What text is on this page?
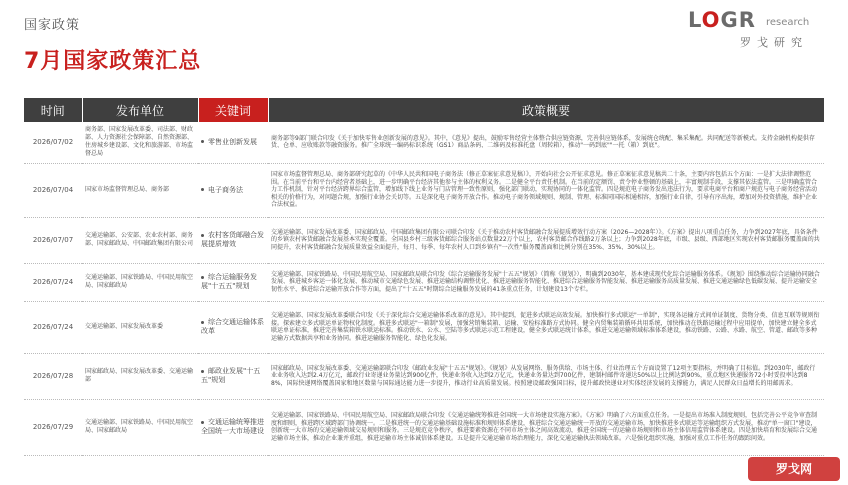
国家政策
7月国家政策汇总
LOGR research
罗戈研究
时间	发布单位	关键词	政策概要
2026/07/02	商务部、国家发展改革委、司法部、财政部、人力资源社会保障部、自然资源部、住房城乡建设部、文化和旅游部、市场监督总局	零售业创新发展	商务部等9部门联合印发《关于加快零售业创新发展的意见》。其中，《意见》提出，鼓励零售经营主体整合供应链资源，完善供应链体系，发展统仓统配、集采集配。共同配送等新模式。支持金融机构提供存货、仓单、应收账款等融资服务。推广全球统一编码标识系统（GS1）商品条码、二维码及标准托盘（周转箱），推动"一码到底""一托（箱）到底"。
2026/07/04	国家市场监督管理总局、商务部	电子商务法	国家市场监督管理总局、商务部研究起草的《中华人民共和国电子商务法（修正草案征求意见稿）》，开始向社会公开征求意见。修正草案征求意见稿共二十条，主要内容包括五个方面：一是扩大法律调整范围。在当前平台和平台内经营者基础上，进一步明确平台经济其他参与主体的权利义务。二是健全平台责任机制。在当前的定额罚、责令停业整顿的基础上，丰富规制手段，支撑其依法监管。三是明确监管合力工作机制，针对平台经济跨界综合监管，增加线下线上业务与门店管理一致性原则，强化部门联动，实现协同的一体化监管。四是规范电子商务发出违法行为，要求电商平台和商户规范与电子商务经营活动相关的价格行为，对问题合规，加强行业协会关切等。五是深化电子商务开放合作。推动电子商务领域规则、规制、管理、标准同国际相通相容，加强行业自律，引导有序出海，增加对外投资措施，维护企业合法权益。
2026/07/07	交通运输部、公安部、农业农村部、商务部、国家邮政局、中国邮政集团有限公司	农村客货邮融合发展提质增效	交通运输部、国家发展改革委、国家邮政局、中国邮政集团有限公司联合印发《关于推动农村客货邮融合发展提质增效行动方案（2026—2028年）》。《方案》提出八项重点任务，力争到2027年底，具备条件的乡镇农村客货邮融合发展基本实现全覆盖。全国县乡村三级客货邮综合服务站点数量22万个以上，农村客货邮合作线路2万条以上；力争到2028年底，市级、县级、西部地区实现农村客货邮服务覆盖面的共同提升，农村客货邮融合发展质量效益全面提升，每月、每季、每年农村人口到乡镇有"一次性"服务覆盖面和比例分别在35%、35%、30%以上。
2026/07/24	交通运输部、国家铁路局、中国民用航空局、国家邮政局	综合运输服务发展"十五五"规划	交通运输部、国家铁路局、中国民用航空局、国家邮政局联合印发《综合运输服务发展"十五五"规划》（简称《规划》），明确到2030年，基本建成现代化综合运输服务体系。《规划》围绕推动综合运输协同融合发展、推进城乡客运一体化发展、推动城市交通绿色发展、推进运输结构调整优化、推进运输服务智能化、推进综合运输服务智能发展、推进运输服务高质量发展、推进交通运输绿色低碳发展、提升运输安全韧性水平、推进综合运输开放合作等方面，提出了"十五五"时期综合运输服务发展的41条重点任务，计划建设13个专栏。
2026/07/24	交通运输部、国家发展改革委	综合交通运输体系改革	交通运输部、国家发展改革委联合印发《关于深化综合交通运输体系改革的意见》。其中提到，促进多式联运高效发展。加快推行多式联运"一单制"，实现各运输方式间单证制度、货物分类、信息互联等规则衔接。探索建立多式联运单证物权化制度。推进多式联运"一箱制"发展，加强营销集装箱、运输、安检标准路方式协同。健全内贸集装箱循环共用系统，加快推动在铁路运输过程中应用提单，加快建立健全多式联运单证标准，推进完善集装箱铁水联运标准。推动铁水、公水、空陆等多式联运示范工程建设，健全多式联运统计体系，推进交通运输领域标准体系建设，推动铁路、公路、水路、航空、管道、邮政等多种运输方式数据共享和业务协同。推进运输服务智能化、绿色化发展。
2026/07/28	国家邮政局、国家发展改革委、交通运输部	邮政业发展"十五五"规划	国家邮政局、国家发展改革委、交通运输部联合印发《邮政业发展"十五五"规划》。《规划》从发展网络、服务供给、市场主体、行业治理五个方面设置了12项主要指标，并明确了目标值。到2030年，邮政行业业务收入达到2.4万亿元，邮政行业寄递业务量达到900亿件，快递业务收入达到2万亿元，快递业务量达到700亿件，建制村邮件寄递达50%以上比例达到90%，重点地区快递服务72小时妥投率达到88%，国际快递网络覆盖国家和地区数量与国际通达能力进一步提升，推动行业高质量发展。按照建设邮政强国目标，提升邮政快递业对实体经济发展的支撑能力，满足人民群众日益增长的用邮需求。
2026/07/29	交通运输部、国家铁路局、中国民用航空局、国家邮政局	交通运输统筹推进全国统一大市场建设	交通运输部、国家铁路局、中国民用航空局、国家邮政局联合印发《交通运输统筹推进全国统一大市场建设实施方案》。《方案》明确了六方面重点任务。一是提出市场准入制度规则，包括完善公平竞争审查制度和细则，推进跨区域跨部门协调统一。二是推进统一的交通运输基础设施标准和规则体系建设，推进综合交通运输统一开放的交通运输市场，加快推进多式联运等运输组织方式发展，推动"单一窗口"建设，创新统一大市场的交通运输领域交易规则和服务。三是规范竞争秩序，推进要素资源在不同市场主体之间高效流动，推进全国统一的运输市场规则和市场主体信用监管体系建设。四是加快培育和发展综合交通运输市场主体，推动企业兼并重组，推进运输市场主体诚信体系建设。五是提升交通运输市场治理能力，深化交通运输执法领域改革。六是强化组织实施，加强对重点工作任务的跟踪问效。
罗戈网
